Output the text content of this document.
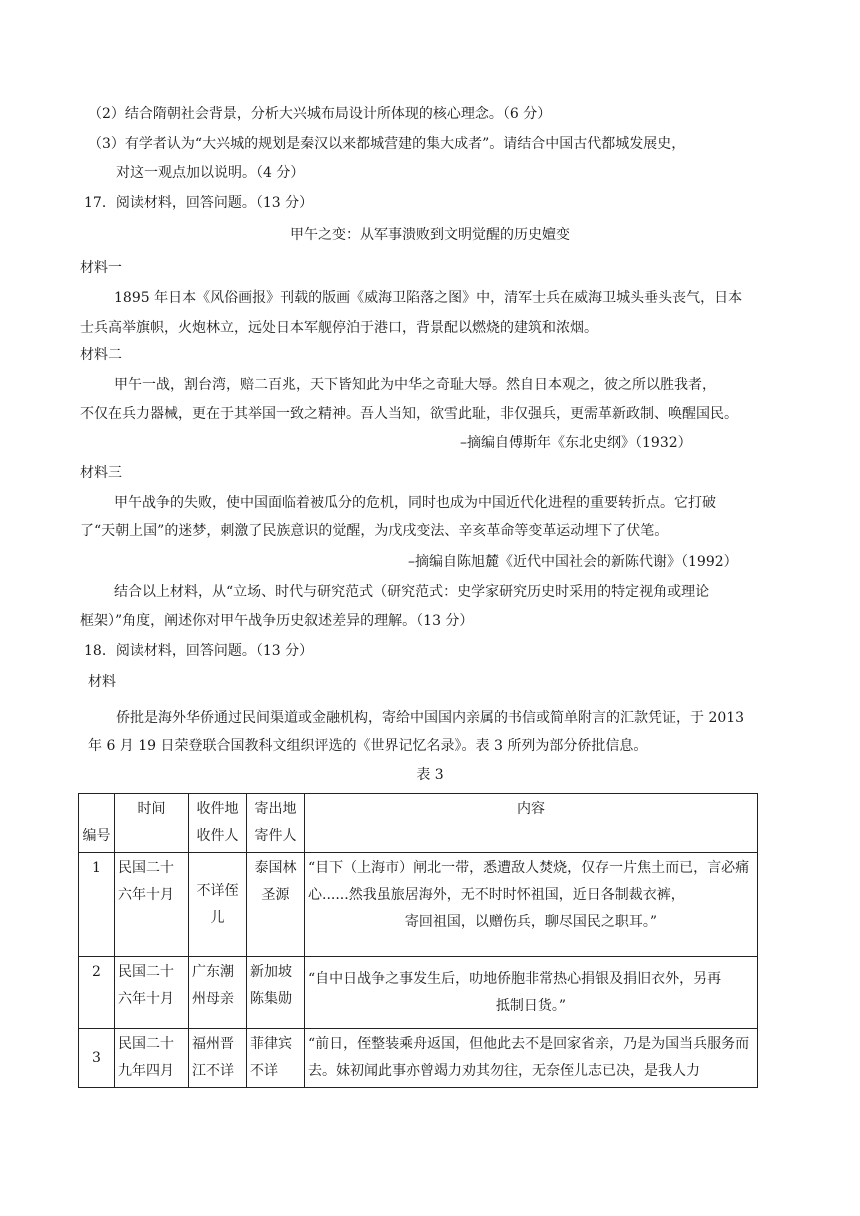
（2）结合隋朝社会背景，分析大兴城布局设计所体现的核心理念。（6 分）
（3）有学者认为“大兴城的规划是秦汉以来都城营建的集大成者”。请结合中国古代都城发展史，
对这一观点加以说明。（4 分）
17．阅读材料，回答问题。（13 分）
甲午之变：从军事溃败到文明觉醒的历史嬗变
材料一
1895 年日本《风俗画报》刊载的版画《威海卫陷落之图》中，清军士兵在威海卫城头垂头丧气，日本
士兵高举旗帜，火炮林立，远处日本军舰停泊于港口，背景配以燃烧的建筑和浓烟。
材料二
甲午一战，割台湾，赔二百兆，天下皆知此为中华之奇耻大辱。然自日本观之，彼之所以胜我者，
不仅在兵力器械，更在于其举国一致之精神。吾人当知，欲雪此耻，非仅强兵，更需革新政制、唤醒国民。
–摘编自傅斯年《东北史纲》（1932）
材料三
甲午战争的失败，使中国面临着被瓜分的危机，同时也成为中国近代化进程的重要转折点。它打破
了“天朝上国”的迷梦，刺激了民族意识的觉醒，为戊戌变法、辛亥革命等变革运动埋下了伏笔。
–摘编自陈旭麓《近代中国社会的新陈代谢》（1992）
结合以上材料，从“立场、时代与研究范式（研究范式：史学家研究历史时采用的特定视角或理论
框架）”角度，阐述你对甲午战争历史叙述差异的理解。（13 分）
18．阅读材料，回答问题。（13 分）
材料
侨批是海外华侨通过民间渠道或金融机构，寄给中国国内亲属的书信或简单附言的汇款凭证，于 2013
年 6 月 19 日荣登联合国教科文组织评选的《世界记忆名录》。表 3 所列为部分侨批信息。
表 3
编号	时间	收件地收件人	寄出地寄件人	内容
1	民国二十六年十月	不详侄儿	泰国林圣源	“目下（上海市）闸北一带，悉遭敌人焚烧，仅存一片焦土而已，言必痛心......然我虽旅居海外，无不时时怀祖国，近日各制裁衣裤，
寄回祖国，以赠伤兵，聊尽国民之职耳。”

2	民国二十六年十月	广东潮州母亲	新加坡陈集勋	“自中日战争之事发生后，叻地侨胞非常热心捐银及捐旧衣外，另再
抵制日货。”

3	民国二十九年四月	福州晋江不详	菲律宾不详	“前日，侄整装乘舟返国，但他此去不是回家省亲，乃是为国当兵服务而去。妹初闻此事亦曾竭力劝其勿往，无奈侄儿志已决，是我人力
